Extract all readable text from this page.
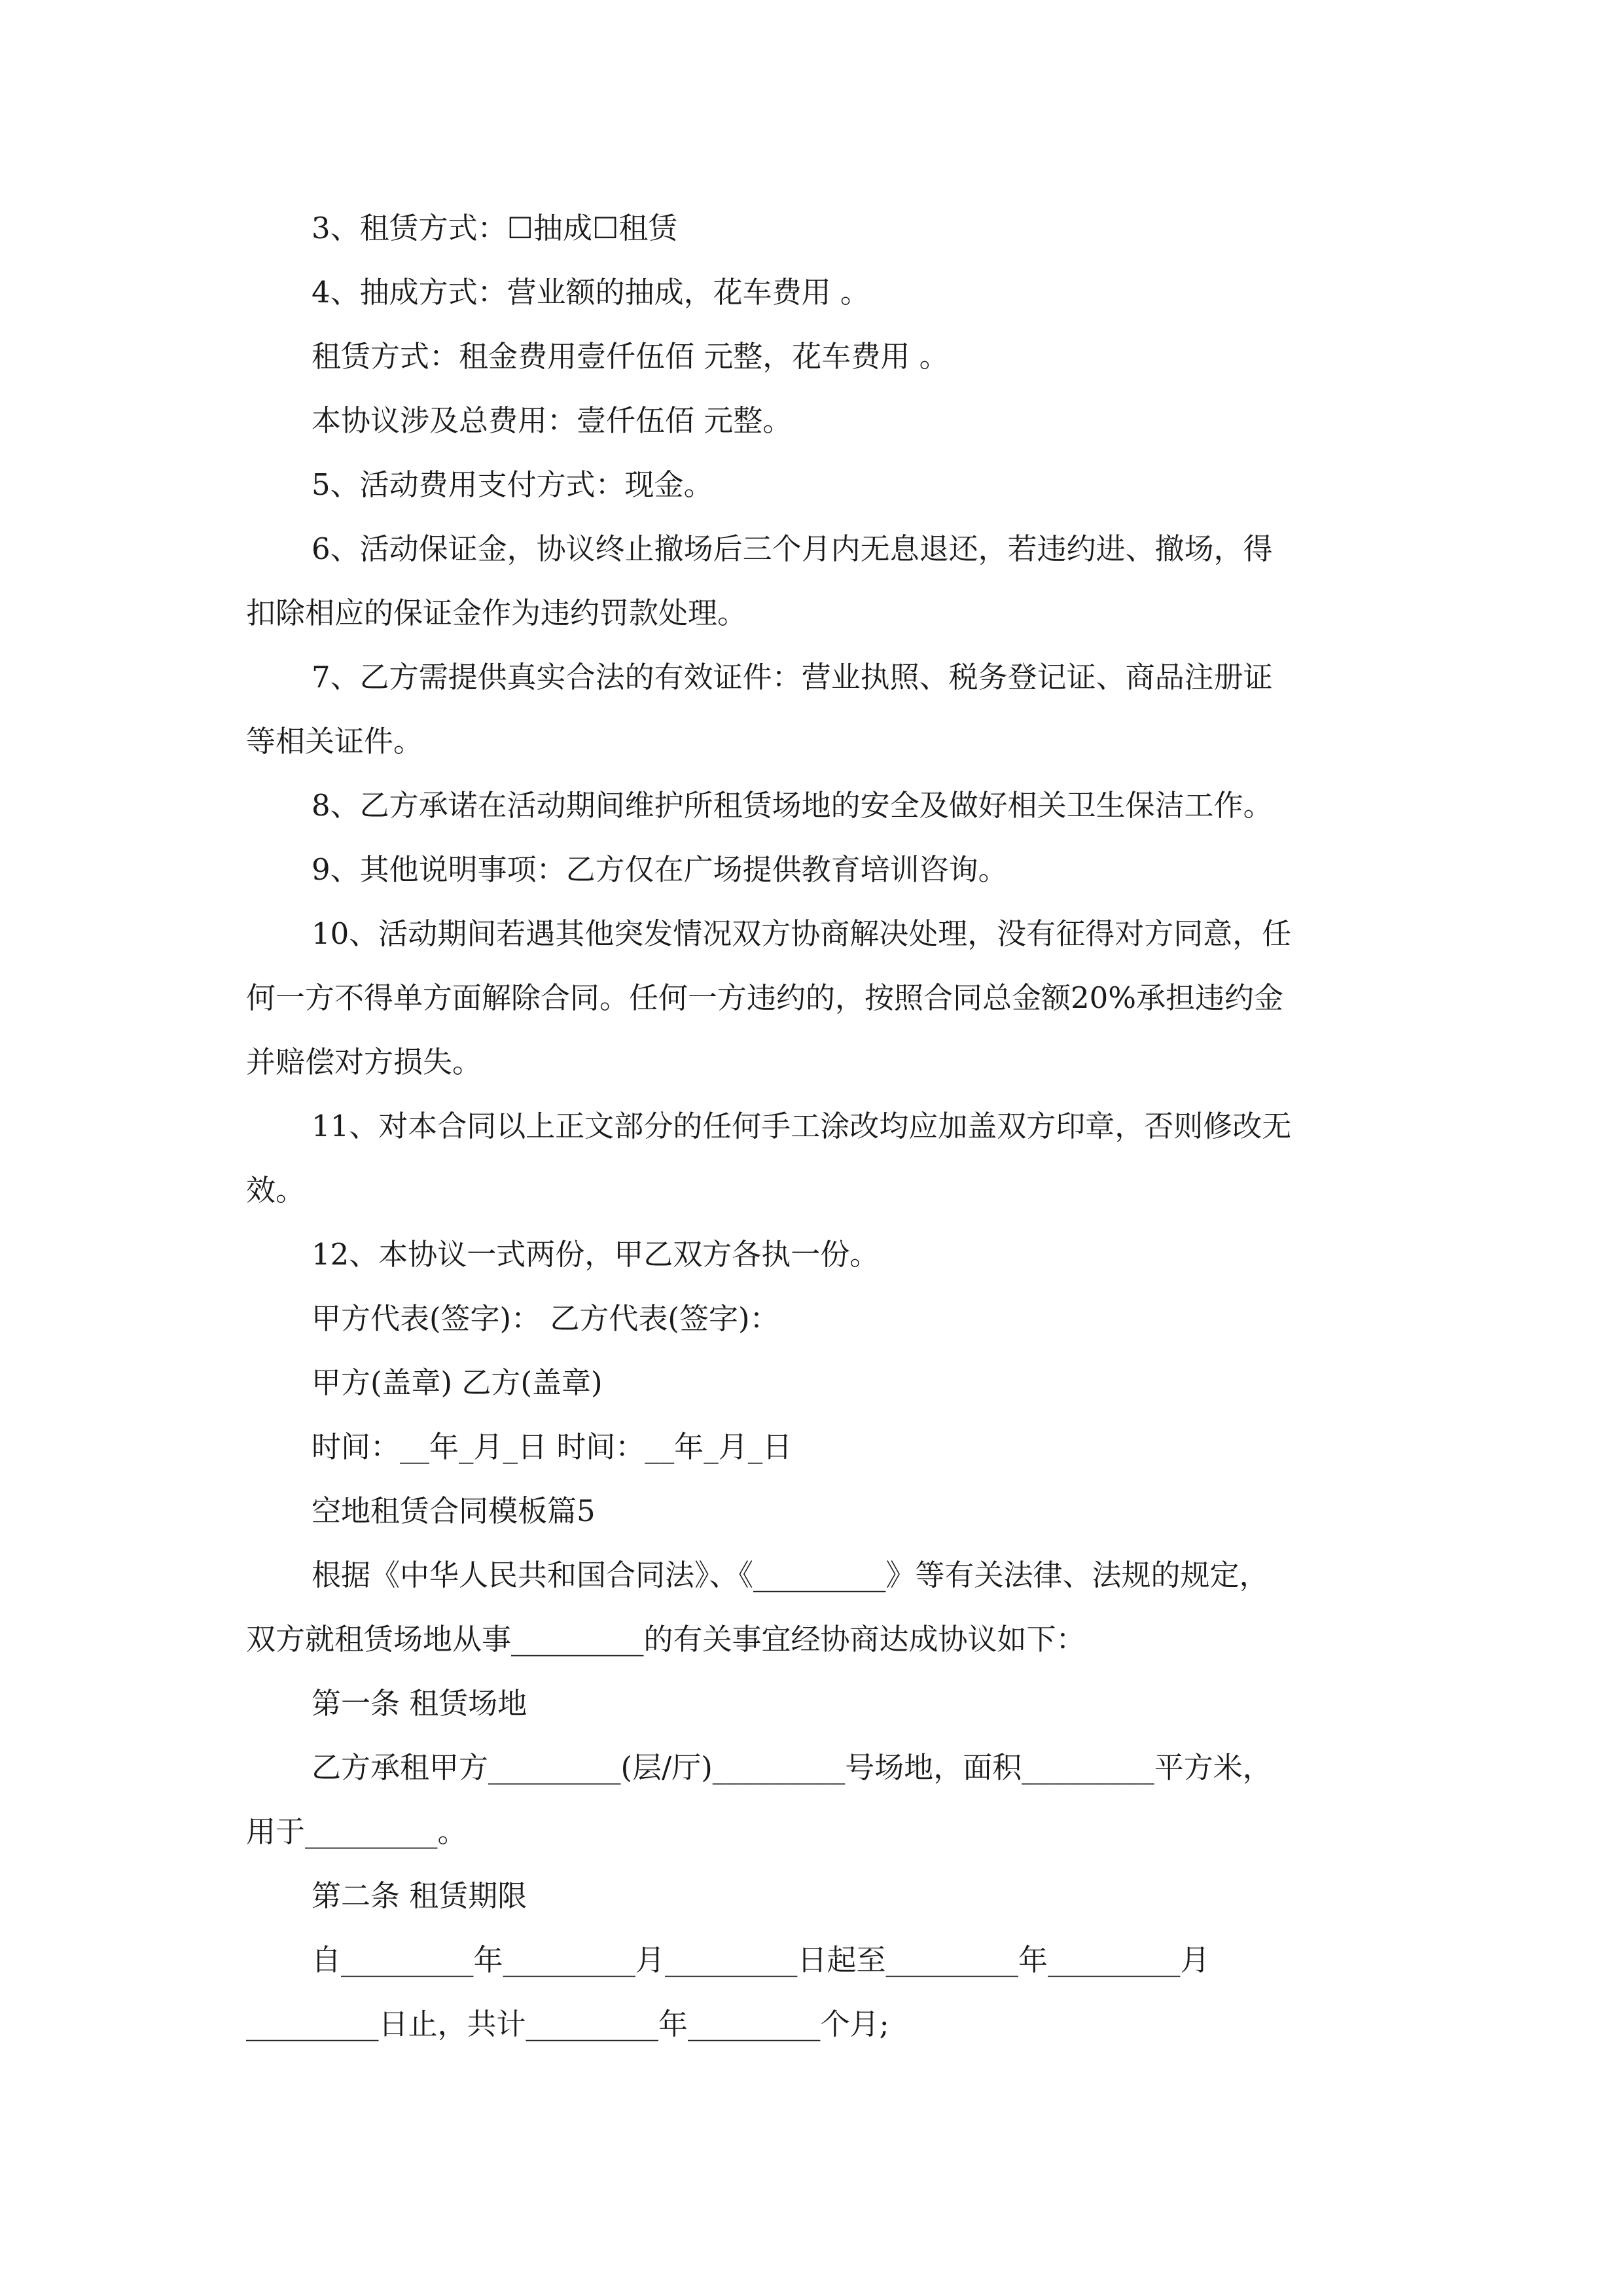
3、租赁方式：☐抽成☐租赁
4、抽成方式：营业额的抽成，花车费用 。
租赁方式：租金费用壹仟伍佰 元整，花车费用 。
本协议涉及总费用：壹仟伍佰 元整。
5、活动费用支付方式：现金。
6、活动保证金，协议终止撤场后三个月内无息退还，若违约进、撤场，得
扣除相应的保证金作为违约罚款处理。
7、乙方需提供真实合法的有效证件：营业执照、税务登记证、商品注册证
等相关证件。
8、乙方承诺在活动期间维护所租赁场地的安全及做好相关卫生保洁工作。
9、其他说明事项：乙方仅在广场提供教育培训咨询。
10、活动期间若遇其他突发情况双方协商解决处理，没有征得对方同意，任
何一方不得单方面解除合同。任何一方违约的，按照合同总金额20%承担违约金
并赔偿对方损失。
11、对本合同以上正文部分的任何手工涂改均应加盖双方印章，否则修改无
效。
12、本协议一式两份，甲乙双方各执一份。
甲方代表(签字)： 乙方代表(签字)：
甲方(盖章) 乙方(盖章)
时间：__年_月_日 时间：__年_月_日
空地租赁合同模板篇5
根据《中华人民共和国合同法》、《_________》等有关法律、法规的规定，
双方就租赁场地从事_________的有关事宜经协商达成协议如下：
第一条 租赁场地
乙方承租甲方_________(层/厅)_________号场地，面积_________平方米，
用于_________。
第二条 租赁期限
自_________年_________月_________日起至_________年_________月
_________日止，共计_________年_________个月;
